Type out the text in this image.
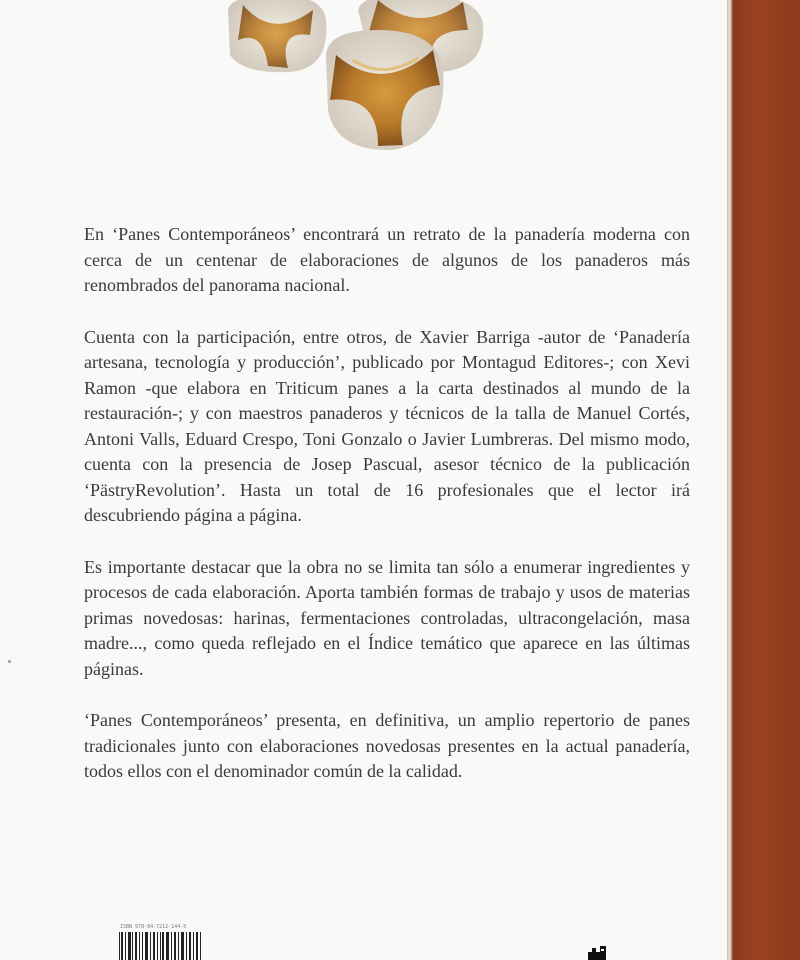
En ‘Panes Contemporáneos’ encontrará un retrato de la panadería moderna con cerca de un centenar de elaboraciones de algunos de los panaderos más renombrados del panorama nacional.

Cuenta con la participación, entre otros, de Xavier Barriga -autor de ‘Panadería artesana, tecnología y producción’, publicado por Montagud Editores-; con Xevi Ramon -que elabora en Triticum panes a la carta destinados al mundo de la restauración-; y con maestros panaderos y técnicos de la talla de Manuel Cortés, Antoni Valls, Eduard Crespo, Toni Gonzalo o Javier Lumbreras. Del mismo modo, cuenta con la presencia de Josep Pascual, asesor técnico de la publicación ‘PästryRevolution’. Hasta un total de 16 profesionales que el lector irá descubriendo página a página.

Es importante destacar que la obra no se limita tan sólo a enumerar ingredientes y procesos de cada elaboración. Aporta también formas de trabajo y usos de materias primas novedosas: harinas, fermentaciones controladas, ultracongelación, masa madre..., como queda reflejado en el Índice temático que aparece en las últimas páginas.

‘Panes Contemporáneos’ presenta, en definitiva, un amplio repertorio de panes tradicionales junto con elaboraciones novedosas presentes en la actual panadería, todos ellos con el denominador común de la calidad.

ISBN 978-84-7212-144-5
